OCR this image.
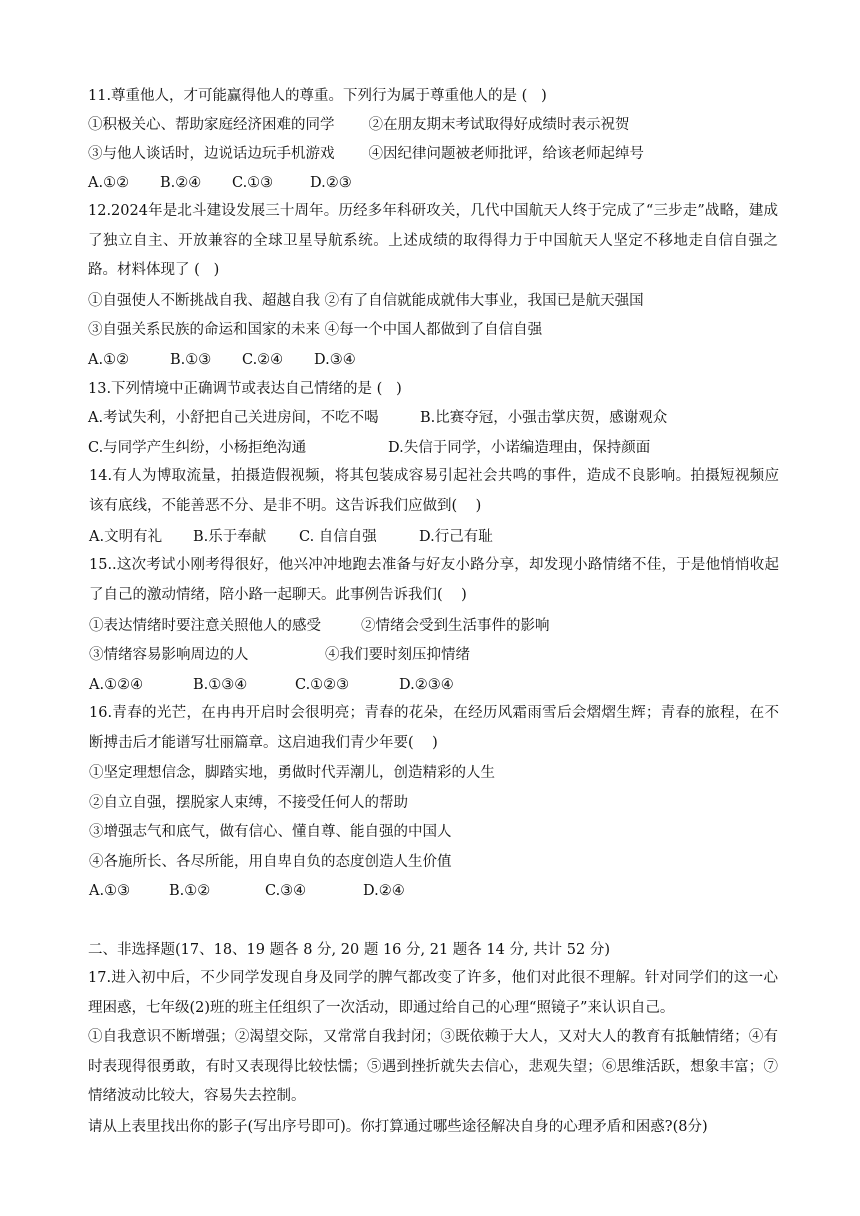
11.尊重他人，才可能赢得他人的尊重。下列行为属于尊重他人的是 (   )
①积极关心、帮助家庭经济困难的同学 ②在朋友期末考试取得好成绩时表示祝贺
③与他人谈话时，边说话边玩手机游戏 ④因纪律问题被老师批评，给该老师起绰号
A.①② B.②④ C.①③	D.②③
12.2024年是北斗建设发展三十周年。历经多年科研攻关，几代中国航天人终于完成了“三步走”战略，建成了独立自主、开放兼容的全球卫星导航系统。上述成绩的取得得力于中国航天人坚定不移地走自信自强之路。材料体现了 (   )
①自强使人不断挑战自我、超越自我 ②有了自信就能成就伟大事业，我国已是航天强国
③自强关系民族的命运和国家的未来 ④每一个中国人都做到了自信自强
A.①②	B.①③ C.②④ D.③④
13.下列情境中正确调节或表达自己情绪的是 (   )
A.考试失利，小舒把自己关进房间，不吃不喝	B.比赛夺冠，小强击掌庆贺，感谢观众
C.与同学产生纠纷，小杨拒绝沟通	D.失信于同学，小诺编造理由，保持颜面
14.有人为博取流量，拍摄造假视频，将其包装成容易引起社会共鸣的事件，造成不良影响。拍摄短视频应该有底线，不能善恶不分、是非不明。这告诉我们应做到(    )
A.文明有礼 B.乐于奉献 C. 自信自强	D.行己有耻
15..这次考试小刚考得很好，他兴冲冲地跑去准备与好友小路分享，却发现小路情绪不佳，于是他悄悄收起了自己的激动情绪，陪小路一起聊天。此事例告诉我们(    )
①表达情绪时要注意关照他人的感受	②情绪会受到生活事件的影响
③情绪容易影响周边的人	④我们要时刻压抑情绪
A.①②④	B.①③④	C.①②③	D.②③④
16.青春的光芒，在冉冉开启时会很明亮；青春的花朵，在经历风霜雨雪后会熠熠生辉；青春的旅程，在不断搏击后才能谱写壮丽篇章。这启迪我们青少年要(    )
①坚定理想信念，脚踏实地，勇做时代弄潮儿，创造精彩的人生
②自立自强，摆脱家人束缚，不接受任何人的帮助
③增强志气和底气，做有信心、懂自尊、能自强的中国人
④各施所长、各尽所能，用自卑自负的态度创造人生价值
A.①③	B.①②	C.③④	D.②④
二、非选择题(17、18、19 题各 8 分, 20 题 16 分, 21 题各 14 分, 共计 52 分)
17.进入初中后，不少同学发现自身及同学的脾气都改变了许多，他们对此很不理解。针对同学们的这一心理困惑，七年级(2)班的班主任组织了一次活动，即通过给自己的心理“照镜子”来认识自己。
①自我意识不断增强；②渴望交际，又常常自我封闭；③既依赖于大人，又对大人的教育有抵触情绪；④有时表现得很勇敢，有时又表现得比较怯懦；⑤遇到挫折就失去信心，悲观失望；⑥思维活跃，想象丰富；⑦情绪波动比较大，容易失去控制。
请从上表里找出你的影子(写出序号即可)。你打算通过哪些途径解决自身的心理矛盾和困惑?(8分)
